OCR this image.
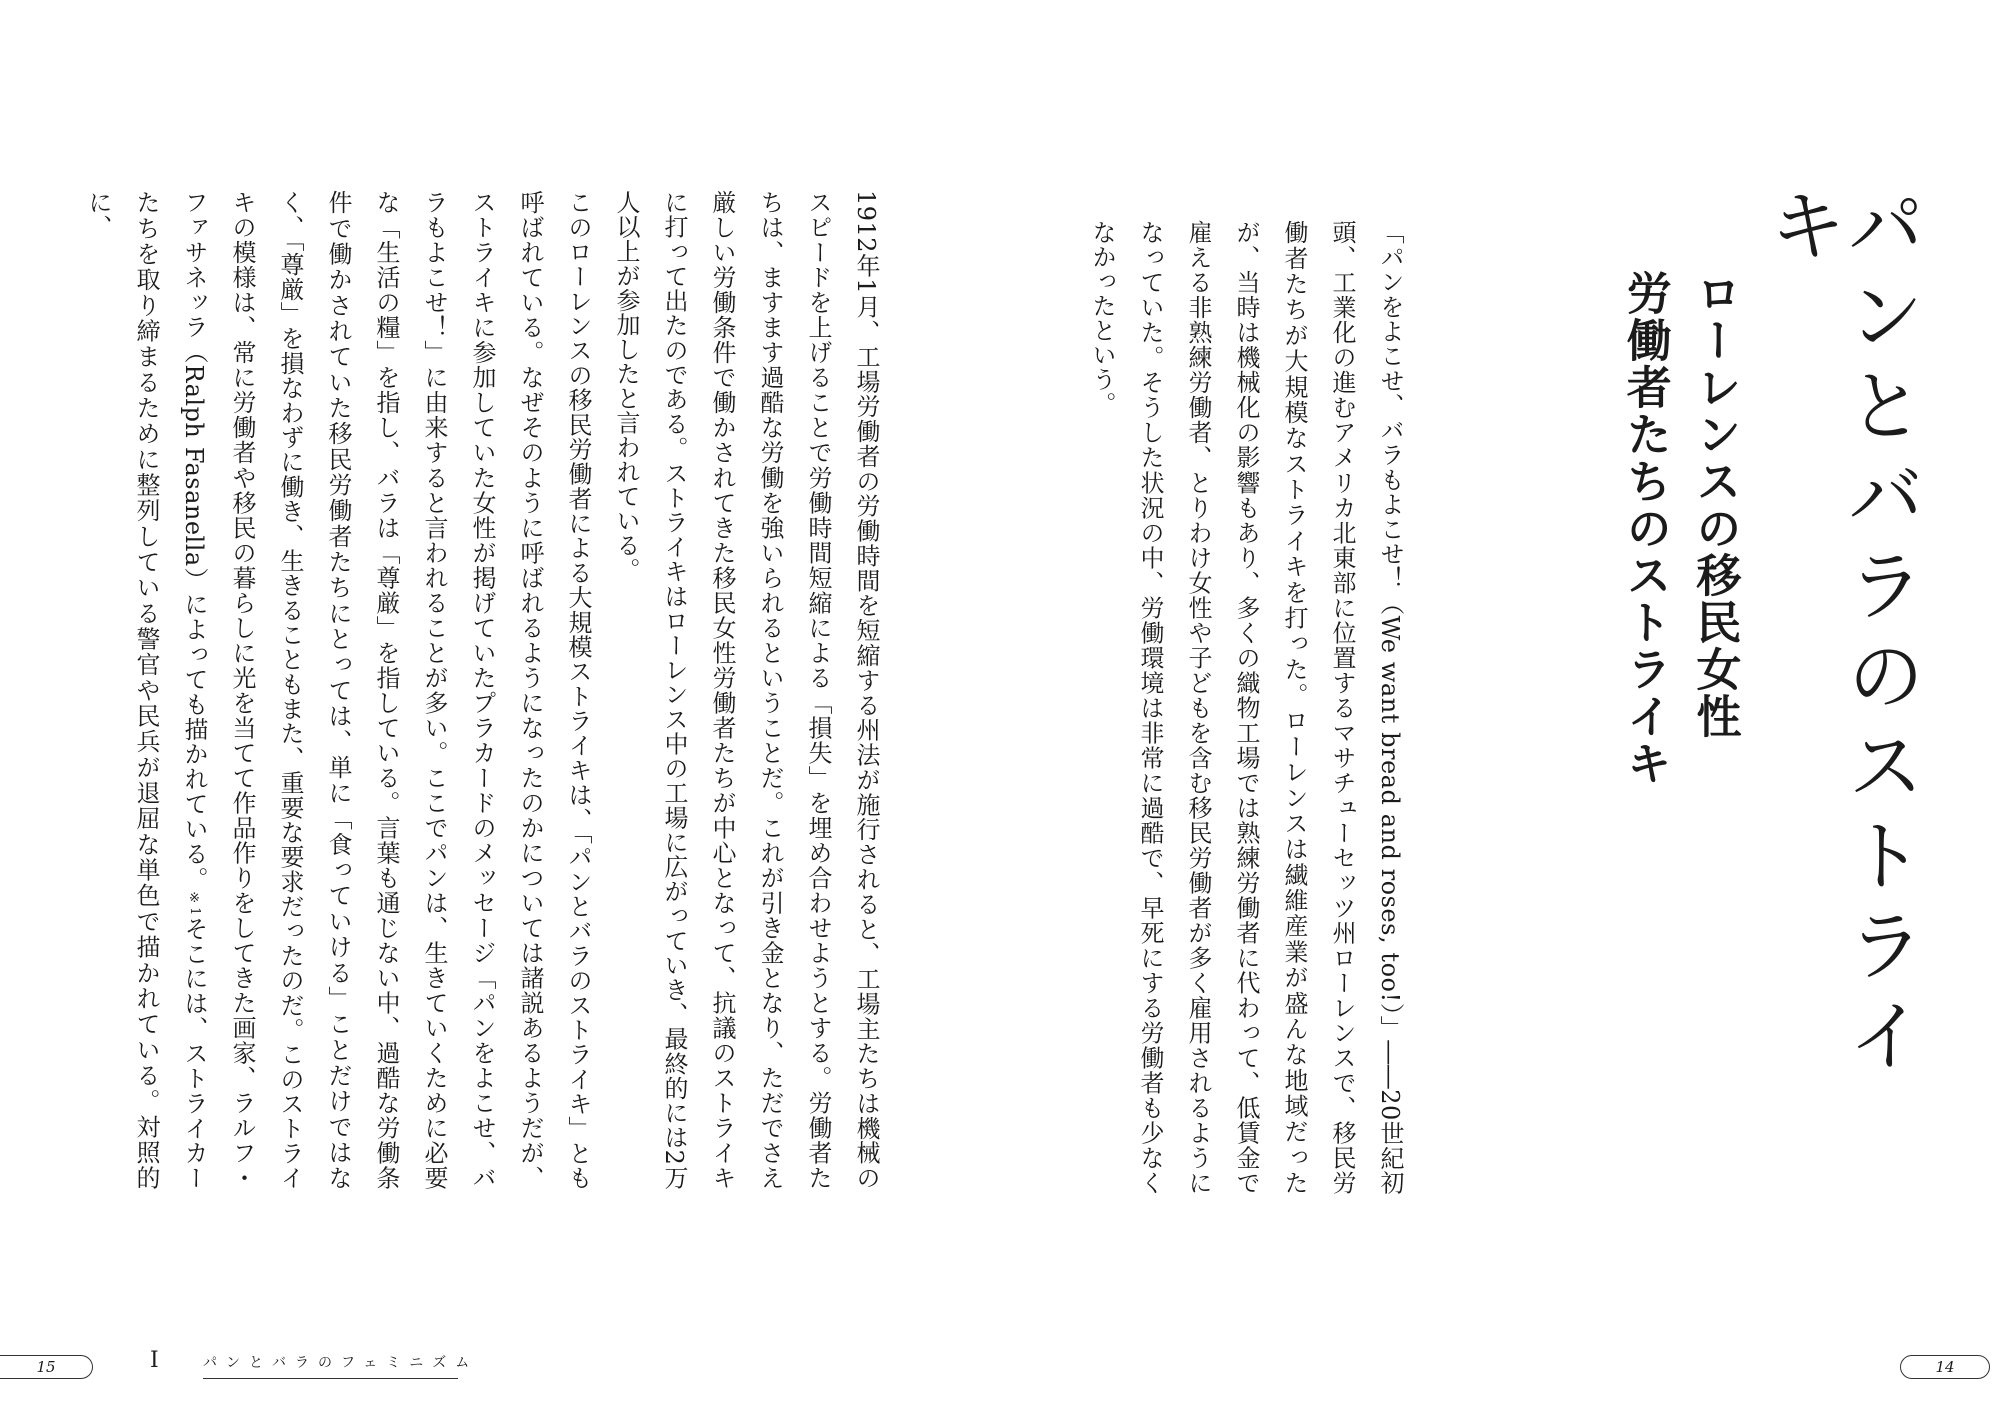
パンとバラのストライキ
ローレンスの移民女性
労働者たちのストライキ

「パンをよこせ、バラもよこせ！（We want bread and roses, too!）」――20世紀初頭、工業化の進むアメリカ北東部に位置するマサチューセッツ州ローレンスで、移民労働者たちが大規模なストライキを打った。ローレンスは繊維産業が盛んな地域だったが、当時は機械化の影響もあり、多くの織物工場では熟練労働者に代わって、低賃金で雇える非熟練労働者、とりわけ女性や子どもを含む移民労働者が多く雇用されるようになっていた。そうした状況の中、労働環境は非常に過酷で、早死にする労働者も少なくなかったという。

1912年1月、工場労働者の労働時間を短縮する州法が施行されると、工場主たちは機械のスピードを上げることで労働時間短縮による「損失」を埋め合わせようとする。労働者たちは、ますます過酷な労働を強いられるということだ。これが引き金となり、ただでさえ厳しい労働条件で働かされてきた移民女性労働者たちが中心となって、抗議のストライキに打って出たのである。ストライキはローレンス中の工場に広がっていき、最終的には2万人以上が参加したと言われている。

このローレンスの移民労働者による大規模ストライキは、「パンとバラのストライキ」とも呼ばれている。なぜそのように呼ばれるようになったのかについては諸説あるようだが、ストライキに参加していた女性が掲げていたプラカードのメッセージ「パンをよこせ、バラもよこせ！」に由来すると言われることが多い。ここでパンは、生きていくために必要な「生活の糧」を指し、バラは「尊厳」を指している。言葉も通じない中、過酷な労働条件で働かされていた移民労働者たちにとっては、単に「食っていける」ことだけではなく、「尊厳」を損なわずに働き、生きることもまた、重要な要求だったのだ。このストライキの模様は、常に労働者や移民の暮らしに光を当てて作品作りをしてきた画家、ラルフ・ファサネッラ（Ralph Fasanella）によっても描かれている。※1そこには、ストライカーたちを取り締まるために整列している警官や民兵が退屈な単色で描かれている。対照的に、

14
15	I	パンとバラのフェミニズム
